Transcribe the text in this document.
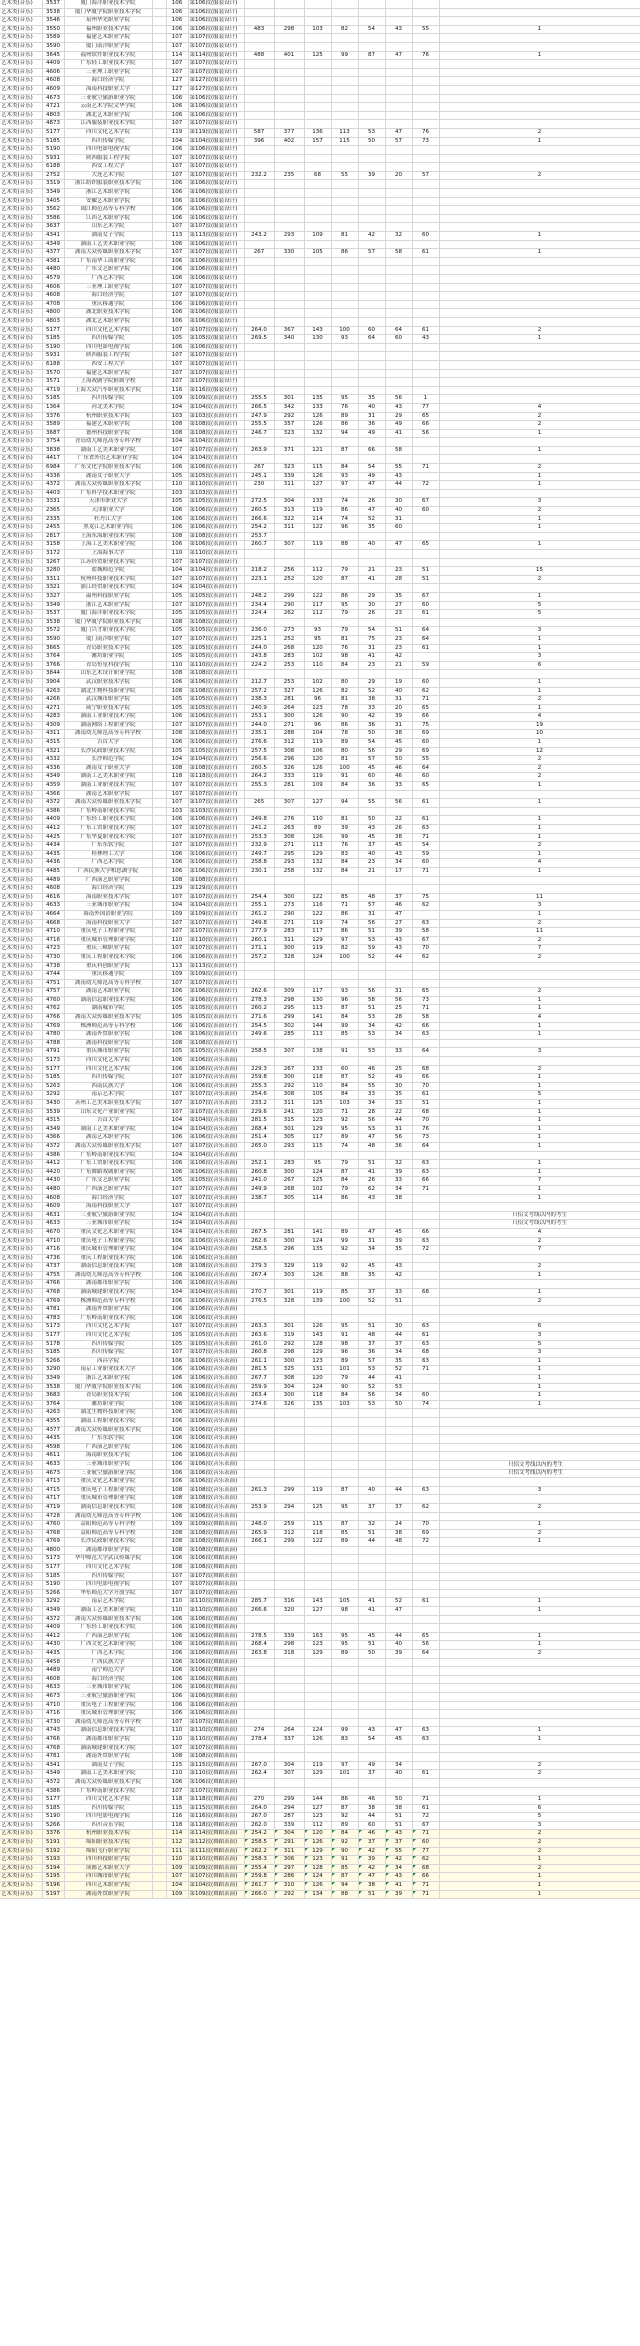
艺术类(音乐)	3537	厦门海洋职业技术学院		106	第106段(服装设计)								
艺术类(音乐)	3538	厦门华厦学院职业技术学院		106	第106段(服装设计)								
艺术类(音乐)	3546	泉州华光职业学院		106	第106段(服装设计)								
艺术类(音乐)	3550	福州职业技术学院		106	第106段(服装设计)	483	298	103	82	54	43	55	1
艺术类(音乐)	3589	福建艺术职业学院		107	第107段(服装设计)								
艺术类(音乐)	3590	厦门南洋职业学院		107	第107段(服装设计)								
艺术类(音乐)	3645	福州软件职业技术学院		114	第114段(服装设计)	488	401	125	99	87	47	76	1
艺术类(音乐)	4409	广东轻工职业技术学院		107	第107段(服装设计)								
艺术类(音乐)	4606	三亚理工职业学院		107	第107段(服装设计)								
艺术类(音乐)	4608	海口经济学院		127	第127段(服装设计)								
艺术类(音乐)	4609	海南科技职业大学		127	第127段(服装设计)								
艺术类(音乐)	4673	三亚航空旅游职业学院		106	第106段(服装设计)								
艺术类(音乐)	4721	云南艺术学院文华学院		106	第106段(服装设计)								
艺术类(音乐)	4803	湖北艺术职业学院		106	第106段(服装设计)								
艺术类(音乐)	4873	江西服装职业技术学院		107	第107段(服装设计)								
艺术类(音乐)	5177	四川文化艺术学院		119	第119段(服装设计)	587	377	136	113	53	47	76	2
艺术类(音乐)	5185	四川传媒学院		104	第104段(服装设计)	396	402	157	115	50	57	73	1
艺术类(音乐)	5190	四川电影电视学院		106	第106段(服装设计)								
艺术类(音乐)	5931	陕西服装工程学院		107	第107段(服装设计)								
艺术类(音乐)	6188	西安工程大学		107	第107段(服装设计)								
艺术类(音乐)	2752	大连艺术学院		107	第107段(服装设计)	232.2	235	68	55	39	20	57	2
艺术类(音乐)	3319	浙江纺织服装职业技术学院		106	第106段(服装设计)								
艺术类(音乐)	3349	浙江艺术职业学院		106	第106段(服装设计)								
艺术类(音乐)	3405	安徽艺术职业学院		106	第106段(服装设计)								
艺术类(音乐)	3562	闽江师范高等专科学校		106	第106段(服装设计)								
艺术类(音乐)	3586	江西艺术职业学院		106	第106段(服装设计)								
艺术类(音乐)	3637	山东艺术学院		107	第107段(服装设计)								
艺术类(音乐)	4341	湖南女子学院		113	第113段(服装设计)	243.2	293	109	81	42	32	60	1
艺术类(音乐)	4349	湖南工艺美术职业学院		106	第106段(服装设计)								
艺术类(音乐)	4377	湖南大众传媒职业技术学院		107	第107段(服装设计)	267	330	105	86	57	58	61	1
艺术类(音乐)	4381	广东南华工商职业学院		106	第106段(服装设计)								
艺术类(音乐)	4480	广东文艺职业学院		106	第106段(服装设计)								
艺术类(音乐)	4579	广西艺术学院		106	第106段(服装设计)								
艺术类(音乐)	4606	三亚理工职业学院		107	第107段(服装设计)								
艺术类(音乐)	4608	海口经济学院		107	第107段(服装设计)								
艺术类(音乐)	4708	重庆移通学院		106	第106段(服装设计)								
艺术类(音乐)	4800	湖北职业技术学院		106	第106段(服装设计)								
艺术类(音乐)	4803	湖北艺术职业学院		106	第106段(服装设计)								
艺术类(音乐)	5177	四川文化艺术学院		107	第107段(服装设计)	264.0	367	143	100	60	64	61	2
艺术类(音乐)	5185	四川传媒学院		105	第105段(服装设计)	269.5	340	130	93	64	60	43	1
艺术类(音乐)	5190	四川电影电视学院		106	第106段(服装设计)								
艺术类(音乐)	5931	陕西服装工程学院		107	第107段(服装设计)								
艺术类(音乐)	6188	西安工程大学		107	第107段(服装设计)								
艺术类(音乐)	3570	福建艺术职业学院		107	第107段(服装设计)								
艺术类(音乐)	3571	上海戏剧学院附属学校		107	第107段(服装设计)								
艺术类(音乐)	4719	上海大众汽车职业技术学院		116	第116段(服装设计)								
艺术类(音乐)	5185	四川传媒学院		109	第109段(表演设计)	255.5	301	135	95	35	56	1	
艺术类(音乐)	1364	河北美术学院		104	第104段(表演设计)	266.5	342	133	76	40	43	77	4
艺术类(音乐)	3376	杭州职业技术学院		103	第103段(表演设计)	247.9	292	126	89	31	29	65	2
艺术类(音乐)	3589	福建艺术职业学院		108	第108段(表演设计)	255.5	357	126	86	36	49	66	2
艺术类(音乐)	3687	德州科技职业学院		108	第108段(表演设计)	246.7	323	132	94	49	41	56	1
艺术类(音乐)	3754	青岛幼儿师范高等专科学校		104	第104段(表演设计)								
艺术类(音乐)	3838	湖南工艺美术职业学院		107	第107段(表演设计)	263.9	371	121	87	66	58		1
艺术类(音乐)	4417	广东省外语艺术职业学院		104	第104段(表演设计)								
艺术类(音乐)	6984	广东文化学院职业技术学院		106	第106段(表演设计)	267	323	115	84	54	55	71	2
艺术类(音乐)	4336	湖南女子职业大学		105	第105段(表演设计)	245.1	339	126	93	49	43		1
艺术类(音乐)	4372	湖南大众传媒职业技术学院		110	第110段(表演设计)	230	311	127	97	47	44	72	1
艺术类(音乐)	4403	广东科学技术职业学院		103	第103段(表演设计)								
艺术类(音乐)	3331	天津市职业大学		105	第105段(表演设计)	272.5	304	133	74	26	30	67	3
艺术类(音乐)	2365	天津职业大学		106	第106段(表演设计)	260.5	313	119	86	47	40	60	2
艺术类(音乐)	2335	牡丹江大学		106	第106段(表演设计)	266.6	322	114	74	52	31		1
艺术类(音乐)	2455	黑龙江艺术职业学院		106	第106段(表演设计)	254.2	311	122	96	35	60		1
艺术类(音乐)	2817	上海东海职业技术学院		108	第108段(表演设计)	253.7							
艺术类(音乐)	3158	上海工艺美术职业学院		106	第106段(表演设计)	260.7	307	119	88	40	47	65	1
艺术类(音乐)	3172	上海海事大学		110	第110段(表演设计)								
艺术类(音乐)	3267	江苏经贸职业技术学院		107	第107段(表演设计)								
艺术类(音乐)	3280	盐城师范学院		104	第104段(表演设计)	218.2	256	112	79	21	23	51	15
艺术类(音乐)	3311	杭州科技职业技术学院		107	第107段(表演设计)	223.1	252	120	87	41	28	51	2
艺术类(音乐)	3321	浙江经贸职业技术学院		104	第104段(表演设计)								
艺术类(音乐)	3327	温州科技职业学院		105	第105段(表演设计)	248.2	299	122	86	29	35	67	1
艺术类(音乐)	3349	浙江艺术职业学院		107	第107段(表演设计)	234.4	290	117	95	30	27	60	5
艺术类(音乐)	3537	厦门海洋职业技术学院		105	第105段(表演设计)	224.4	262	112	79	26	23	61	5
艺术类(音乐)	3538	厦门华厦学院职业技术学院		108	第108段(表演设计)								
艺术类(音乐)	3572	厦门兴才职业技术学院		105	第105段(表演设计)	236.0	273	93	79	54	51	64	3
艺术类(音乐)	3590	厦门南洋职业学院		107	第107段(表演设计)	225.1	252	95	81	75	23	64	1
艺术类(音乐)	3665	青岛职业技术学院		105	第105段(表演设计)	244.0	268	120	76	31	23	61	1
艺术类(音乐)	3764	潍坊职业学院		105	第105段(表演设计)	243.8	283	102	98	41	42		3
艺术类(音乐)	3766	青岛恒星科技学院		110	第110段(表演设计)	224.2	253	110	84	23	21	59	6
艺术类(音乐)	3844	山东艺术设计职业学院		108	第108段(表演设计)								
艺术类(音乐)	3904	武汉职业技术学院		106	第106段(表演设计)	212.7	253	102	80	29	19	60	1
艺术类(音乐)	4263	湖北生物科技职业学院		108	第108段(表演设计)	257.2	327	126	82	52	40	62	1
艺术类(音乐)	4266	武汉城市职业学院		105	第105段(表演设计)	238.3	281	96	81	38	31	71	2
艺术类(音乐)	4271	咸宁职业技术学院		105	第105段(表演设计)	240.9	264	123	78	33	20	65	1
艺术类(音乐)	4283	湖南工业职业技术学院		106	第106段(表演设计)	253.1	300	126	90	42	39	66	4
艺术类(音乐)	4309	湖南网络工程职业学院		107	第107段(表演设计)	244.0	271	96	86	36	31	75	19
艺术类(音乐)	4311	湖南幼儿师范高等专科学校		108	第108段(表演设计)	235.1	288	104	78	50	38	69	10
艺术类(音乐)	4315	吉首大学		106	第106段(表演设计)	276.6	312	119	89	54	45	60	1
艺术类(音乐)	4321	长沙民政职业技术学院		105	第105段(表演设计)	257.5	308	106	80	56	29	69	12
艺术类(音乐)	4332	长沙师范学院		104	第104段(表演设计)	256.6	296	120	81	57	50	55	2
艺术类(音乐)	4336	湖南女子职业大学		108	第108段(表演设计)	260.5	326	126	100	45	46	64	2
艺术类(音乐)	4349	湖南工艺美术职业学院		118	第118段(表演设计)	264.2	333	119	91	60	46	60	2
艺术类(音乐)	4359	湖南工业职业技术学院		107	第107段(表演设计)	255.3	281	109	84	36	33	65	1
艺术类(音乐)	4366	湖南艺术职业学院		107	第107段(表演设计)								
艺术类(音乐)	4372	湖南大众传媒职业技术学院		107	第107段(表演设计)	265	307	127	94	55	56	61	1
艺术类(音乐)	4386	广东岭南职业技术学院		103	第103段(表演设计)								
艺术类(音乐)	4409	广东轻工职业技术学院		106	第106段(表演设计)	249.8	276	110	81	50	22	61	1
艺术类(音乐)	4412	广东工贸职业技术学院		107	第107段(表演设计)	241.2	263	89	39	43	26	63	1
艺术类(音乐)	4425	广东华夏职业技术学院		107	第107段(表演设计)	253.3	308	126	99	45	38	71	1
艺术类(音乐)	4434	广东东软学院		107	第107段(表演设计)	232.9	271	113	76	37	45	54	2
艺术类(音乐)	4435	桂林理工大学		106	第106段(表演设计)	249.7	295	129	83	40	43	59	1
艺术类(音乐)	4436	广西艺术学院		106	第106段(表演设计)	258.8	293	132	84	23	34	60	4
艺术类(音乐)	4485	广西民族大学相思湖学院		106	第106段(表演设计)	230.1	258	132	84	21	17	71	1
艺术类(音乐)	4489	广西演艺职业学院		108	第108段(表演设计)								
艺术类(音乐)	4608	海口经济学院		129	第129段(表演设计)								
艺术类(音乐)	4616	海南职业技术学院		107	第107段(表演设计)	254.4	300	122	85	48	37	75	11
艺术类(音乐)	4633	三亚城市职业学院		104	第104段(表演设计)	255.1	273	116	71	57	46	62	3
艺术类(音乐)	4664	海南外国语职业学院		109	第109段(表演设计)	261.2	290	122	86	31	47		1
艺术类(音乐)	4668	海南科技职业大学		107	第107段(表演设计)	249.8	271	119	74	56	27	63	2
艺术类(音乐)	4710	重庆电子工程职业学院		107	第107段(表演设计)	277.9	283	117	86	51	39	58	11
艺术类(音乐)	4716	重庆城市管理职业学院		110	第110段(表演设计)	260.1	311	129	97	53	43	67	2
艺术类(音乐)	4723	重庆三峡职业学院		107	第107段(表演设计)	271.1	300	119	82	59	43	70	7
艺术类(音乐)	4730	重庆工程职业技术学院		106	第106段(表演设计)	257.2	328	124	100	52	44	62	2
艺术类(音乐)	4738	重庆科创职业学院		113	第113段(表演设计)								
艺术类(音乐)	4744	重庆移通学院		109	第109段(表演设计)								
艺术类(音乐)	4751	湖南幼儿师范高等专科学校		107	第107段(表演设计)								
艺术类(音乐)	4757	湖南艺术职业学院		106	第106段(表演设计)	262.6	309	117	93	56	31	65	2
艺术类(音乐)	4760	湖南信息职业技术学院		106	第106段(表演设计)	278.3	298	130	96	58	56	73	1
艺术类(音乐)	4762	湖南城市学院		105	第105段(表演设计)	260.2	295	113	87	51	25	71	1
艺术类(音乐)	4766	湖南大众传媒职业技术学院		105	第105段(表演设计)	271.6	299	141	84	53	28	58	4
艺术类(音乐)	4769	株洲师范高等专科学校		106	第106段(表演设计)	254.5	302	144	99	34	42	66	1
艺术类(音乐)	4780	湖南外贸职业学院		106	第106段(表演设计)	249.6	285	113	85	53	34	63	1
艺术类(音乐)	4788	湖南科技职业学院		108	第108段(表演设计)								
艺术类(音乐)	4791	重庆城市职业学院		105	第105段(音乐表演)	258.5	307	138	91	53	33	64	3
艺术类(音乐)	5173	四川文化艺术学院		106	第106段(音乐表演)								
艺术类(音乐)	5177	四川文化艺术学院		106	第106段(音乐表演)	229.3	267	133	60	46	25	68	2
艺术类(音乐)	5185	四川传媒学院		107	第107段(音乐表演)	259.8	300	118	87	52	49	66	1
艺术类(音乐)	5263	西南民族大学		106	第106段(音乐表演)	255.3	292	110	84	55	30	70	1
艺术类(音乐)	3292	南京艺术学院		107	第107段(音乐表演)	254.6	308	105	84	33	35	61	5
艺术类(音乐)	3430	苏州工艺美术职业技术学院		107	第107段(音乐表演)	233.2	311	125	103	34	33	51	1
艺术类(音乐)	3539	山东文化产业职业学院		107	第107段(音乐表演)	229.6	241	120	71	28	22	68	1
艺术类(音乐)	4315	吉首大学		104	第104段(音乐表演)	281.5	315	123	92	56	44	70	1
艺术类(音乐)	4349	湖南工艺美术职业学院		104	第104段(音乐表演)	268.4	301	129	95	53	31	76	1
艺术类(音乐)	4366	湖南艺术职业学院		106	第106段(音乐表演)	251.4	305	117	89	47	56	73	1
艺术类(音乐)	4372	湖南大众传媒职业技术学院		107	第107段(音乐表演)	265.0	293	115	74	48	36	64	1
艺术类(音乐)	4386	广东岭南职业技术学院		104	第104段(音乐表演)								
艺术类(音乐)	4412	广东工贸职业技术学院		106	第106段(音乐表演)	252.1	283	95	79	51	32	63	1
艺术类(音乐)	4420	广东舞蹈戏剧职业学院		106	第106段(音乐表演)	260.8	300	124	87	41	39	63	1
艺术类(音乐)	4430	广东文艺职业学院		105	第105段(音乐表演)	241.0	267	125	84	26	33	66	7
艺术类(音乐)	4480	广西演艺职业学院		107	第107段(音乐表演)	249.9	268	102	79	62	34	71	1
艺术类(音乐)	4608	海口经济学院		107	第107段(音乐表演)	238.7	305	114	86	43	38		1
艺术类(音乐)	4609	海南科技职业大学		107	第107段(音乐表演)								
艺术类(音乐)	4631	三亚航空旅游职业学院		104	第104段(音乐表演)								只招文考线以内的考生
艺术类(音乐)	4633	三亚城市职业学院		104	第104段(音乐表演)								只招文考线以内的考生
艺术类(音乐)	4670	重庆文化艺术职业学院		104	第104段(音乐表演)	267.5	281	141	89	47	45	66	4
艺术类(音乐)	4710	重庆电子工程职业学院		106	第106段(音乐表演)	262.6	300	124	99	31	39	63	2
艺术类(音乐)	4716	重庆城市管理职业学院		104	第104段(音乐表演)	258.3	296	135	92	34	35	72	7
艺术类(音乐)	4736	重庆工程职业技术学院		106	第106段(音乐表演)								
艺术类(音乐)	4737	湖南信息职业技术学院		108	第108段(音乐表演)	279.3	329	119	92	45	43		2
艺术类(音乐)	4755	湖南幼儿师范高等专科学校		106	第106段(音乐表演)	267.4	303	126	88	35	42		1
艺术类(音乐)	4766	湖南都市职业学院		106	第106段(音乐表演)								
艺术类(音乐)	4768	湖南城建职业技术学院		104	第104段(音乐表演)	270.7	301	119	85	37	33	68	1
艺术类(音乐)	4769	株洲师范高等专科学校		106	第106段(音乐表演)	276.5	328	139	100	52	51		2
艺术类(音乐)	4781	湖南外贸职业学院		106	第106段(音乐表演)								
艺术类(音乐)	4783	广东岭南职业技术学院		106	第106段(音乐表演)								
艺术类(音乐)	5173	四川文化艺术学院		107	第107段(音乐表演)	263.3	301	126	95	51	30	63	6
艺术类(音乐)	5177	四川文化艺术学院		105	第105段(音乐表演)	263.6	319	143	91	48	44	61	3
艺术类(音乐)	5178	四川传媒学院		105	第105段(音乐表演)	261.0	292	128	98	37	37	63	5
艺术类(音乐)	5185	四川传媒学院		107	第107段(音乐表演)	260.8	298	129	96	36	34	68	3
艺术类(音乐)	5266	西昌学院		106	第106段(音乐表演)	261.1	300	123	89	57	35	63	1
艺术类(音乐)	3290	南京工业职业技术大学		106	第106段(音乐表演)	281.5	325	131	101	53	52	71	1
艺术类(音乐)	3349	浙江艺术职业学院		106	第106段(音乐表演)	267.7	308	120	79	44	41		1
艺术类(音乐)	3538	厦门华厦学院职业技术学院		106	第106段(音乐表演)	259.9	304	124	90	52	53		1
艺术类(音乐)	3683	青岛职业技术学院		106	第106段(音乐表演)	263.4	300	118	84	56	34	60	1
艺术类(音乐)	3764	潍坊职业学院		106	第106段(音乐表演)	274.6	326	135	103	53	50	74	1
艺术类(音乐)	4263	湖北生物科技职业学院		106	第106段(音乐表演)								
艺术类(音乐)	4355	湖南工程职业技术学院		106	第106段(音乐表演)								
艺术类(音乐)	4377	湖南大众传媒职业技术学院		106	第106段(音乐表演)								
艺术类(音乐)	4435	广东东软学院		106	第106段(音乐表演)								
艺术类(音乐)	4598	广西演艺职业学院		106	第106段(音乐表演)								
艺术类(音乐)	4611	海南职业技术学院		106	第106段(音乐表演)								
艺术类(音乐)	4633	三亚城市职业学院		106	第106段(音乐表演)								
艺术类(音乐)	4673	三亚航空旅游职业学院		106	第106段(音乐表演)								
艺术类(音乐)	4713	重庆文化艺术职业学院		106	第106段(音乐表演)								
艺术类(音乐)	4715	重庆电子工程职业学院		108	第108段(音乐表演)	261.3	299	119	87	40	44	63	3
艺术类(音乐)	4717	重庆城市管理职业学院		108	第108段(音乐表演)								
艺术类(音乐)	4719	湖南信息职业技术学院		108	第108段(音乐表演)	253.9	294	125	95	37	37	62	2
艺术类(音乐)	4728	湖南幼儿师范高等专科学校		106	第106段(音乐表演)								
艺术类(音乐)	4760	益阳师范高等专科学校		109	第109段(舞蹈表演)	248.0	259	115	87	32	24	70	1
艺术类(音乐)	4768	益阳师范高等专科学校		108	第108段(舞蹈表演)	265.9	312	118	85	51	38	69	2
艺术类(音乐)	4769	长沙民政职业技术学院		108	第108段(舞蹈表演)	266.1	299	122	89	44	48	72	1
艺术类(音乐)	4800	湖南都市职业学院		108	第108段(舞蹈表演)								
艺术类(音乐)	5173	华中师范大学武汉传媒学院		106	第106段(舞蹈表演)								
艺术类(音乐)	5177	四川文化艺术学院		108	第108段(舞蹈表演)								
艺术类(音乐)	5185	四川传媒学院		107	第107段(舞蹈表演)								
艺术类(音乐)	5190	四川电影电视学院		107	第107段(舞蹈表演)								
艺术类(音乐)	5266	华东师范大学开放学院		107	第107段(舞蹈表演)								
艺术类(音乐)	3292	南京艺术学院		110	第110段(舞蹈表演)	285.7	316	143	105	41	52	61	1
艺术类(音乐)	4349	湖南工艺美术职业学院		110	第110段(舞蹈表演)	266.6	320	127	98	41	47		1
艺术类(音乐)	4372	湖南大众传媒职业技术学院		106	第106段(舞蹈表演)								
艺术类(音乐)	4409	广东轻工职业技术学院		106	第106段(舞蹈表演)								
艺术类(音乐)	4412	广西演艺职业学院		106	第106段(舞蹈表演)	278.5	339	163	95	45	44	65	1
艺术类(音乐)	4430	广西文化艺术职业学院		106	第106段(舞蹈表演)	268.4	298	123	95	51	40	56	1
艺术类(音乐)	4435	广西艺术学院		106	第106段(舞蹈表演)	263.8	318	129	89	50	39	64	2
艺术类(音乐)	4458	广西民族大学		106	第106段(舞蹈表演)								
艺术类(音乐)	4489	南宁师范大学		106	第106段(舞蹈表演)								
艺术类(音乐)	4608	海口经济学院		106	第106段(舞蹈表演)								
艺术类(音乐)	4633	三亚城市职业学院		106	第106段(舞蹈表演)								
艺术类(音乐)	4673	三亚航空旅游职业学院		106	第106段(舞蹈表演)								
艺术类(音乐)	4710	重庆电子工程职业学院		106	第106段(舞蹈表演)								
艺术类(音乐)	4716	重庆城市管理职业学院		106	第106段(舞蹈表演)								
艺术类(音乐)	4730	湖南幼儿师范高等专科学校		107	第107段(舞蹈表演)								
艺术类(音乐)	4743	湖南信息职业技术学院		110	第110段(舞蹈表演)	274	264	124	99	43	47	63	1
艺术类(音乐)	4766	湖南都市职业学院		110	第110段(舞蹈表演)	278.4	337	126	83	54	45	63	1
艺术类(音乐)	4768	湖南城建职业技术学院		107	第107段(舞蹈表演)								
艺术类(音乐)	4781	湖南外贸职业学院		108	第108段(舞蹈表演)								
艺术类(音乐)	4341	湖南女子学院		115	第115段(舞蹈表演)	267.0	304	119	97	49	34		2
艺术类(音乐)	4349	湖南工艺美术职业学院		110	第110段(舞蹈表演)	262.4	307	129	101	37	40	61	2
艺术类(音乐)	4372	湖南大众传媒职业技术学院		106	第106段(舞蹈表演)								
艺术类(音乐)	4386	广东岭南职业技术学院		107	第107段(舞蹈表演)								
艺术类(音乐)	5177	四川文化艺术学院		118	第118段(舞蹈表演)	270	299	144	86	46	50	71	1
艺术类(音乐)	5185	四川传媒学院		115	第115段(舞蹈表演)	264.0	294	127	87	38	38	61	6
艺术类(音乐)	5190	四川电影电视学院		116	第116段(舞蹈表演)	267.0	287	123	92	44	51	72	5
艺术类(音乐)	5266	四川音乐学院		118	第118段(舞蹈表演)	262.0	339	112	89	60	51	67	3
艺术类(音乐)	3376	杭州职业技术学院		114	第114段(舞蹈表演)	254.2	304	120	84	46	43	71	2
艺术类(音乐)	5191	绵阳职业技术学院		112	第112段(舞蹈表演)	258.5	291	126	92	37	37	60	2
艺术类(音乐)	5192	绵阳飞行职业学院		111	第111段(舞蹈表演)	262.2	311	129	90	42	55	77	2
艺术类(音乐)	5193	四川科技职业学院		110	第110段(舞蹈表演)	258.3	306	123	91	39	42	62	1
艺术类(音乐)	5194	成都艺术职业大学		109	第109段(舞蹈表演)	255.4	297	128	85	42	34	68	2
艺术类(音乐)	5195	四川城市职业学院		107	第107段(舞蹈表演)	259.8	286	124	87	47	43	66	1
艺术类(音乐)	5196	四川艺术职业学院		104	第104段(舞蹈表演)	261.7	310	126	94	38	41	71	1
艺术类(音乐)	5197	湖南外贸职业学院		109	第109段(舞蹈表演)	266.0	292	134	88	51	39	71	1
只招文考线以内的考生
只招文考线以内的考生
